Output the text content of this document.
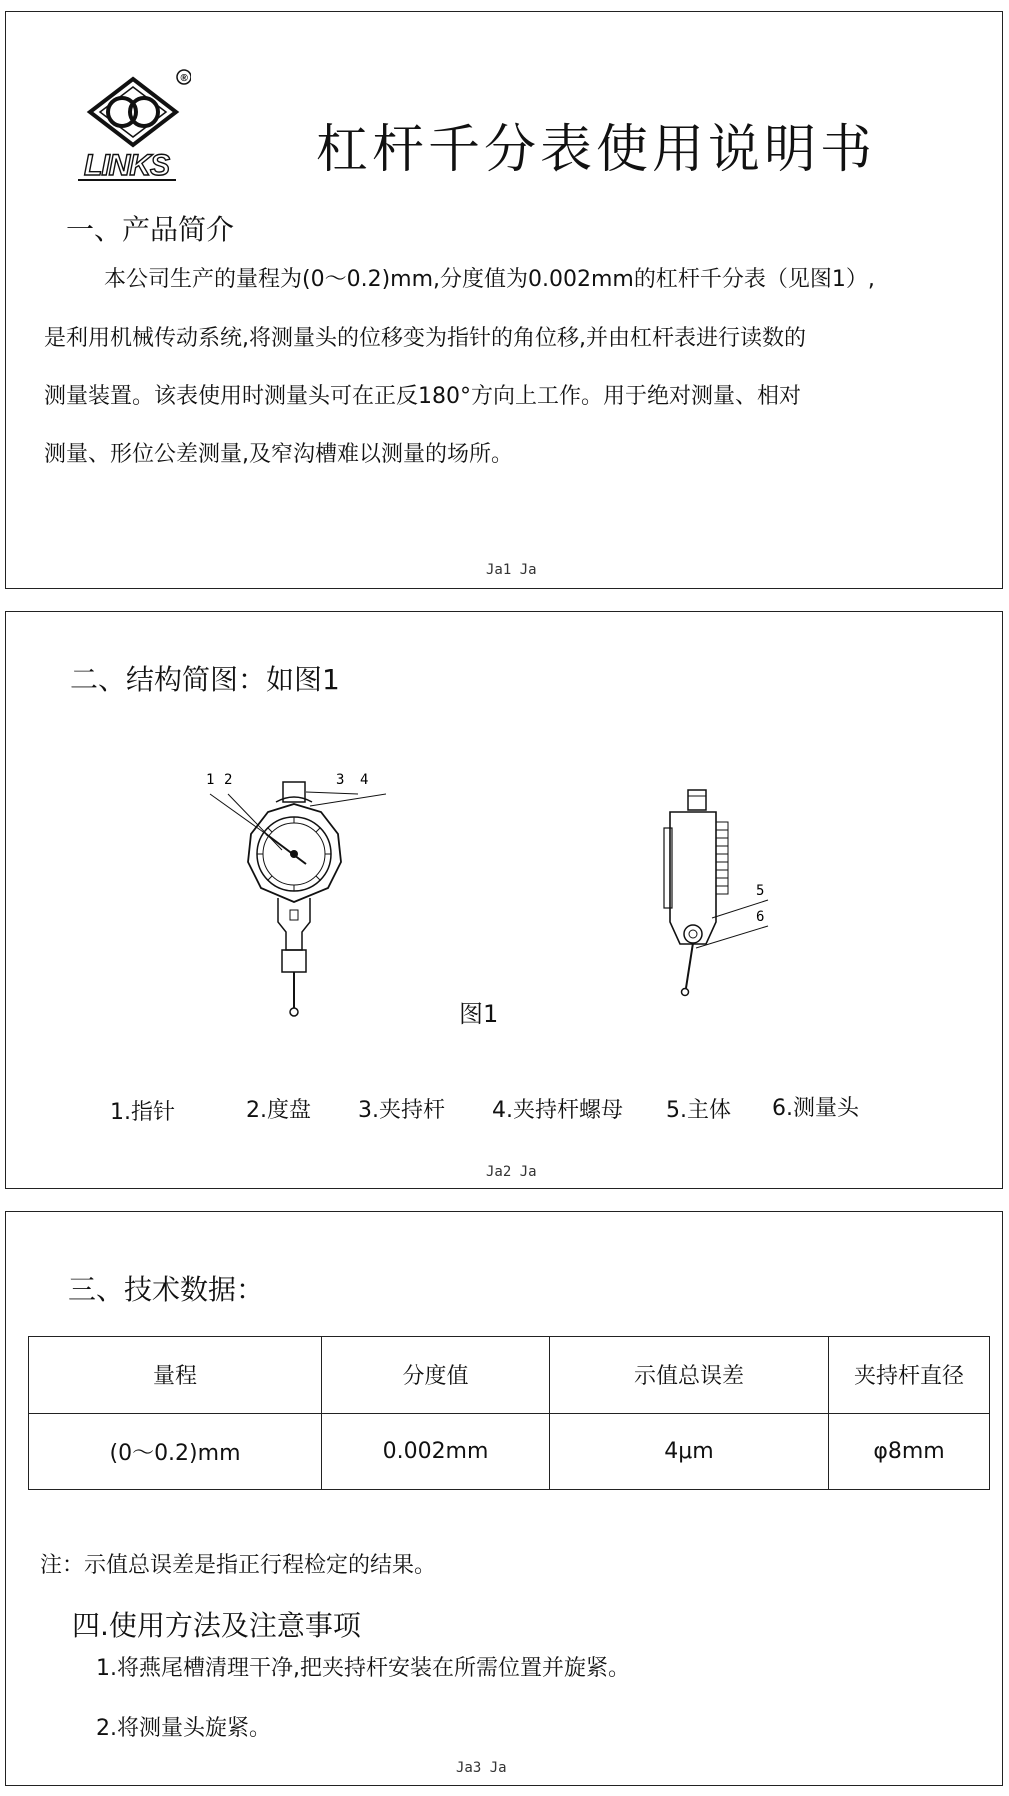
®
LINKS	杠杆千分表使用说明书
一、产品简介
本公司生产的量程为(0～0.2)mm,分度值为0.002mm的杠杆千分表（见图1）,
是利用机械传动系统,将测量头的位移变为指针的角位移,并由杠杆表进行读数的
测量装置。该表使用时测量头可在正反180°方向上工作。用于绝对测量、相对
测量、形位公差测量,及窄沟槽难以测量的场所。
Ja1 Ja
二、结构简图：如图1
1 2	3 4
5
6
图1
1.指针	2.度盘 3.夹持杆 4.夹持杆螺母 5.主体 6.测量头
Ja2 Ja
三、技术数据：
量程	分度值	示值总误差	夹持杆直径
(0～0.2)mm	0.002mm	4μm	φ8mm
注：示值总误差是指正行程检定的结果。
四.使用方法及注意事项
1.将燕尾槽清理干净,把夹持杆安装在所需位置并旋紧。
2.将测量头旋紧。
Ja3 Ja
